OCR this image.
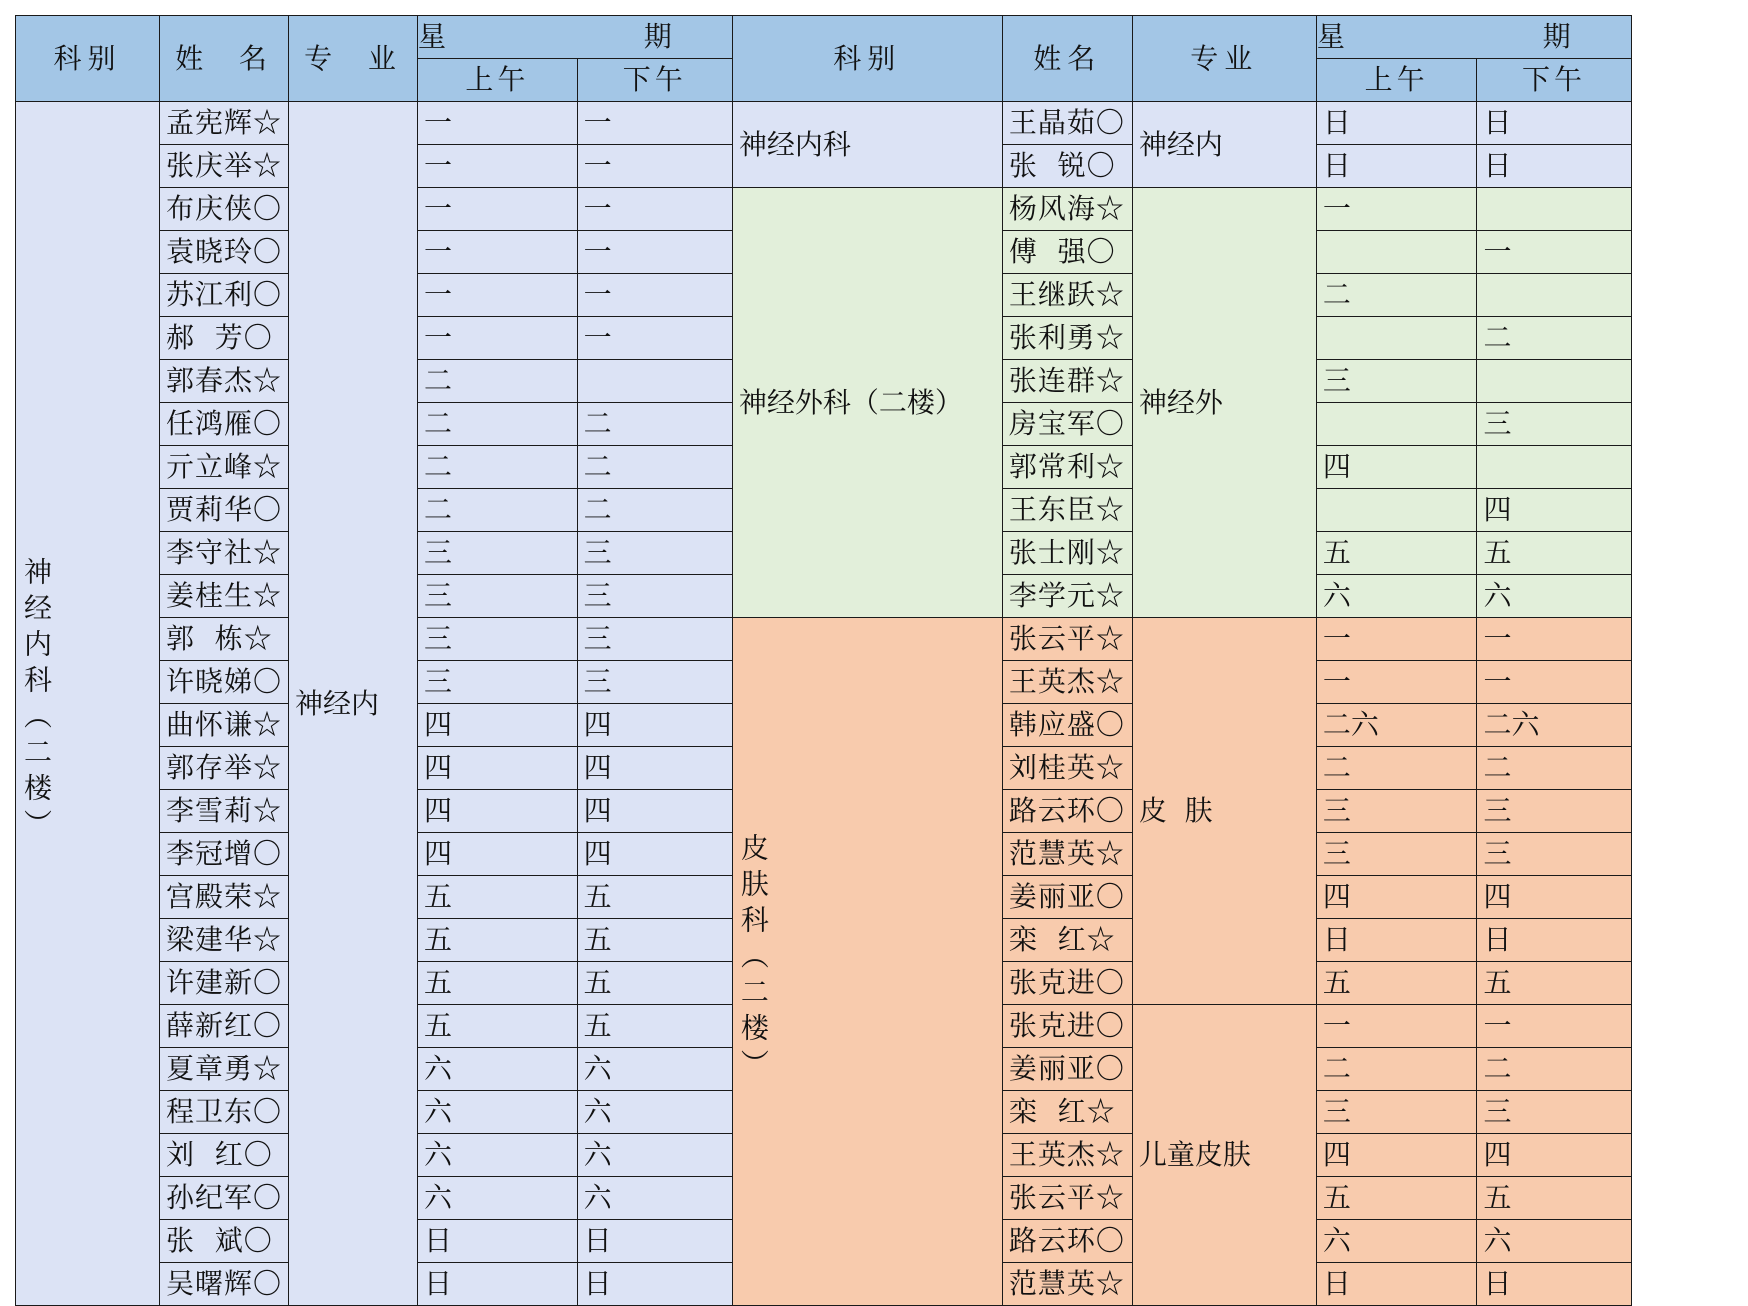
科别	姓  名	专  业	星  期		科别	姓名	专业	星  期	
			上午	下午				上午	下午
神经内科（二楼）	孟宪辉☆	神经内	一	一	神经内科	王晶茹〇	神经内	日	日
	张庆举☆		一	一		张  锐〇		日	日
	布庆侠〇		一	一	神经外科（二楼）	杨风海☆	神经外	一	
	袁晓玲〇		一	一		傅  强〇			一
	苏江利〇		一	一		王继跃☆		二	
	郝  芳〇		一	一		张利勇☆			二
	郭春杰☆		二			张连群☆		三	
	任鸿雁〇		二	二		房宝军〇			三
	亓立峰☆		二	二		郭常利☆		四	
	贾莉华〇		二	二		王东臣☆			四
	李守社☆		三	三		张士刚☆		五	五
	姜桂生☆		三	三		李学元☆		六	六
	郭  栋☆		三	三	皮肤科（二楼）	张云平☆	皮  肤	一	一
	许晓娣〇		三	三		王英杰☆		一	一
	曲怀谦☆		四	四		韩应盛〇		二六	二六
	郭存举☆		四	四		刘桂英☆		二	二
	李雪莉☆		四	四		路云环〇		三	三
	李冠增〇		四	四		范慧英☆		三	三
	宫殿荣☆		五	五		姜丽亚〇		四	四
	梁建华☆		五	五		栾  红☆		日	日
	许建新〇		五	五		张克进〇		五	五
	薛新红〇		五	五		张克进〇	儿童皮肤	一	一
	夏章勇☆		六	六		姜丽亚〇		二	二
	程卫东〇		六	六		栾  红☆		三	三
	刘  红〇		六	六		王英杰☆		四	四
	孙纪军〇		六	六		张云平☆		五	五
	张  斌〇		日	日		路云环〇		六	六
	吴曙辉〇		日	日		范慧英☆		日	日
